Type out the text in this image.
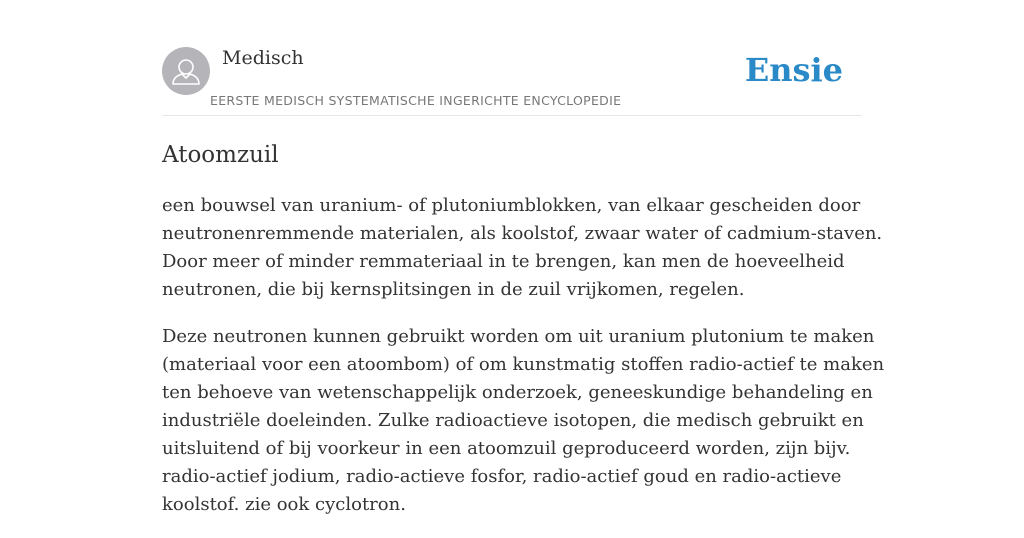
Medisch
EERSTE MEDISCH SYSTEMATISCHE INGERICHTE ENCYCLOPEDIE
Ensie
Atoomzuil

een bouwsel van uranium- of plutoniumblokken, van elkaar gescheiden door
neutronenremmende materialen, als koolstof, zwaar water of cadmium-staven.
Door meer of minder remmateriaal in te brengen, kan men de hoeveelheid
neutronen, die bij kernsplitsingen in de zuil vrijkomen, regelen.

Deze neutronen kunnen gebruikt worden om uit uranium plutonium te maken
(materiaal voor een atoombom) of om kunstmatig stoffen radio-actief te maken
ten behoeve van wetenschappelijk onderzoek, geneeskundige behandeling en
industriële doeleinden. Zulke radioactieve isotopen, die medisch gebruikt en
uitsluitend of bij voorkeur in een atoomzuil geproduceerd worden, zijn bijv.
radio-actief jodium, radio-actieve fosfor, radio-actief goud en radio-actieve
koolstof. zie ook cyclotron.
